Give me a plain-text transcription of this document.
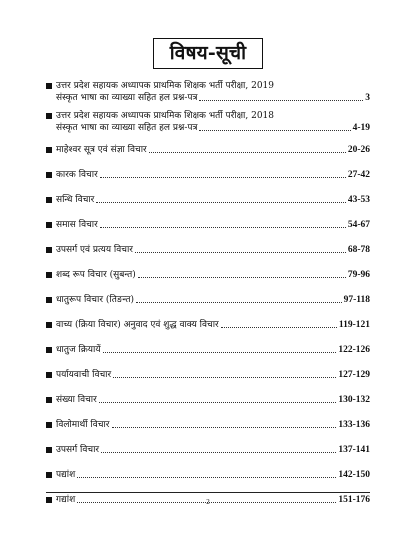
विषय-सूची
उत्तर प्रदेश सहायक अध्यापक प्राथमिक शिक्षक भर्ती परीक्षा, 2019
संस्कृत भाषा का व्याख्या सहित हल प्रश्न-पत्र	3
उत्तर प्रदेश सहायक अध्यापक प्राथमिक शिक्षक भर्ती परीक्षा, 2018
संस्कृत भाषा का व्याख्या सहित हल प्रश्न-पत्र	4-19
माहेश्वर सूत्र एवं संज्ञा विचार	20-26
कारक विचार	27-42
सन्धि विचार	43-53
समास विचार	54-67
उपसर्ग एवं प्रत्यय विचार	68-78
शब्द रूप विचार (सुबन्त)	79-96
धातुरूप विचार (तिङन्त)	97-118
वाच्य (क्रिया विचार) अनुवाद एवं शुद्ध वाक्य विचार	119-121
धातुज क्रियायें	122-126
पर्यायवाची विचार	127-129
संख्या विचार	130-132
विलोमार्थी विचार	133-136
उपसर्ग विचार	137-141
पद्यांश	142-150
गद्यांश	151-176
2
